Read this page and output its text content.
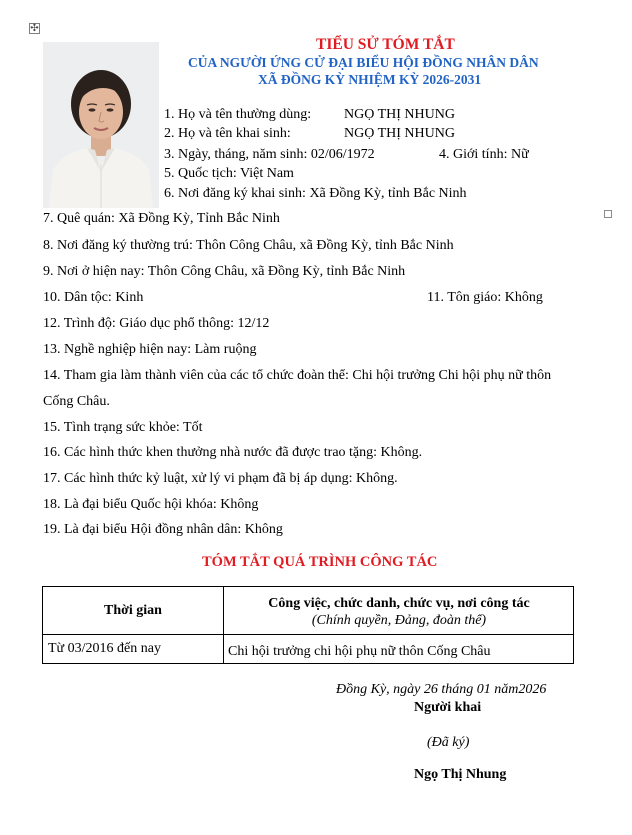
✣
TIỂU SỬ TÓM TẮT
CỦA NGƯỜI ỨNG CỬ ĐẠI BIỂU HỘI ĐỒNG NHÂN DÂN
XÃ ĐỒNG KỲ NHIỆM KỲ 2026-2031
1. Họ và tên thường dùng: NGỌ THỊ NHUNG
2. Họ và tên khai sinh:	NGỌ THỊ NHUNG
3. Ngày, tháng, năm sinh: 02/06/1972	4. Giới tính: Nữ
5. Quốc tịch: Việt Nam
6. Nơi đăng ký khai sinh: Xã Đồng Kỳ, tỉnh Bắc Ninh
7. Quê quán: Xã Đồng Kỳ, Tỉnh Bắc Ninh
8. Nơi đăng ký thường trú: Thôn Công Châu, xã Đồng Kỳ, tỉnh Bắc Ninh
9. Nơi ở hiện nay: Thôn Công Châu, xã Đồng Kỳ, tỉnh Bắc Ninh
10. Dân tộc: Kinh	11. Tôn giáo: Không
12. Trình độ: Giáo dục phổ thông: 12/12
13. Nghề nghiệp hiện nay: Làm ruộng
14. Tham gia làm thành viên của các tổ chức đoàn thể: Chi hội trưởng Chi hội phụ nữ thôn
Cống Châu.
15. Tình trạng sức khỏe: Tốt
16. Các hình thức khen thưởng nhà nước đã được trao tặng: Không.
17. Các hình thức kỷ luật, xử lý vi phạm đã bị áp dụng: Không.
18. Là đại biểu Quốc hội khóa: Không
19. Là đại biểu Hội đồng nhân dân: Không
TÓM TẮT QUÁ TRÌNH CÔNG TÁC
Thời gian	Công việc, chức danh, chức vụ, nơi công tác
(Chính quyền, Đảng, đoàn thể)
Từ 03/2016 đến nay	Chi hội trưởng chi hội phụ nữ thôn Cống Châu
Đồng Kỳ, ngày 26 tháng 01 năm2026
Người khai
(Đã ký)
Ngọ Thị Nhung
